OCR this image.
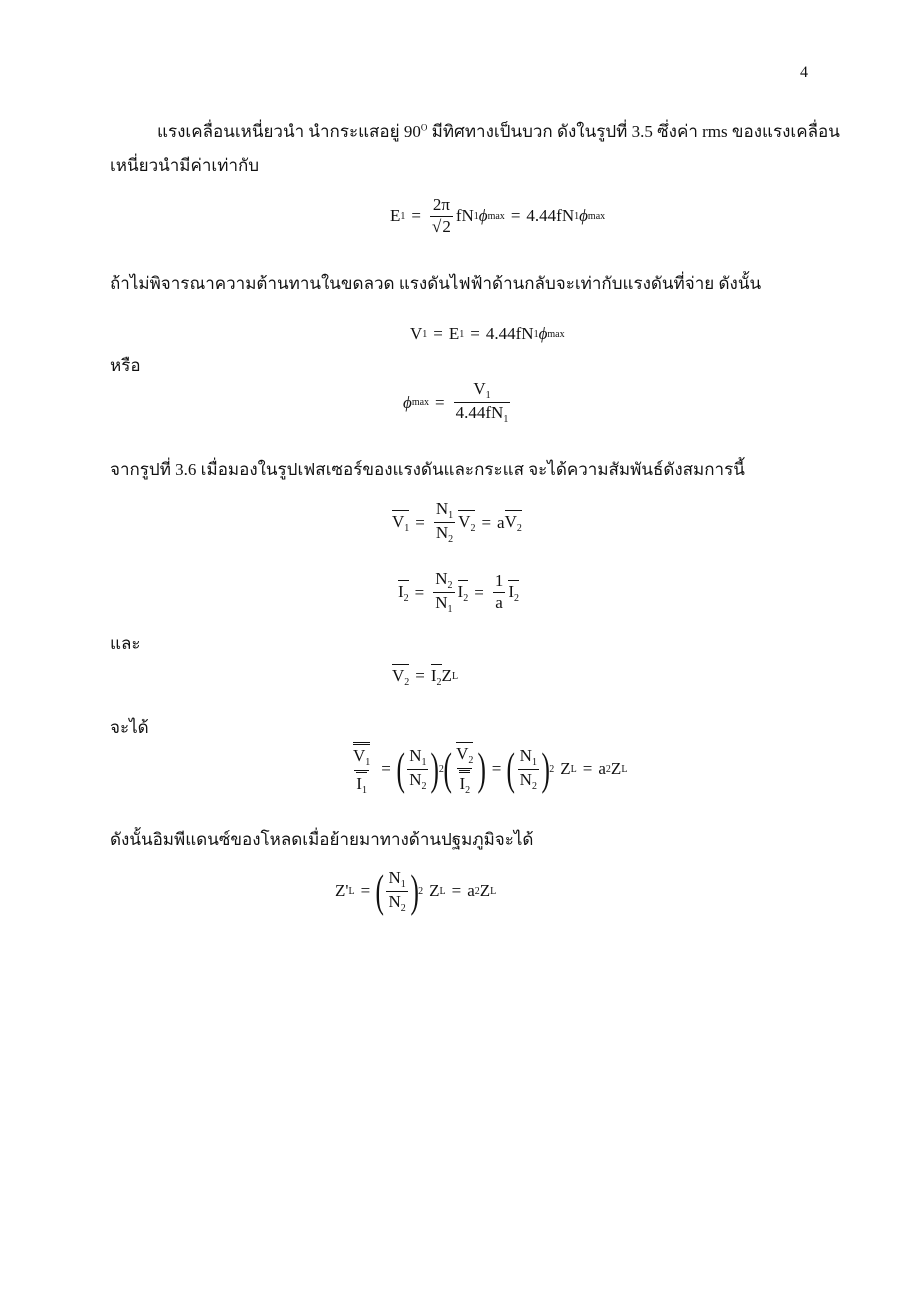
4
แรงเคลื่อนเหนี่ยวนำ นำกระแสอยู่ $90^O$ มีทิศทางเป็นบวก ดังในรูปที่ 3.5 ซึ่งค่า rms ของแรงเคลื่อน
เหนี่ยวนำมีค่าเท่ากับ
E $1 = \frac{2\pi}{√2}$ f N 1 ϕ max = 4.44f N 1 ϕ max
ถ้าไม่พิจารณาความต้านทานในขดลวด แรงดันไฟฟ้าด้านกลับจะเท่ากับแรงดันที่จ่าย ดังนั้น
V 1 = E 1 = 4.44f N 1 ϕ max
หรือ
ϕ $\max = \frac{V_1}{4.44fN_1}$
จากรูปที่ 3.6 เมื่อมองในรูปเฟสเซอร์ของแรงดันและกระแส จะได้ความสัมพันธ์ดังสมการนี้
$V_1 = \frac{N_1}{N_2} V_2 = a$ $V_2$
$I_2 = \frac{N_2}{N_1} I_2 = \frac{1}{a} I_2$
และ
$V_2 = I_2$ Z L
จะได้
$\frac{V_1}{I_1}$ = ( $\frac{N_1}{N_2}$ ) 2 ( $\frac{V_2}{I_2}$ ) = ( $\frac{N_1}{N_2}$ ) 2 Z L = a 2 Z L
ดังนั้นอิมพีแดนซ์ของโหลดเมื่อย้ายมาทางด้านปฐมภูมิจะได้
Z' L = ( $\frac{N_1}{N_2}$ ) 2 Z L = a 2 Z L
